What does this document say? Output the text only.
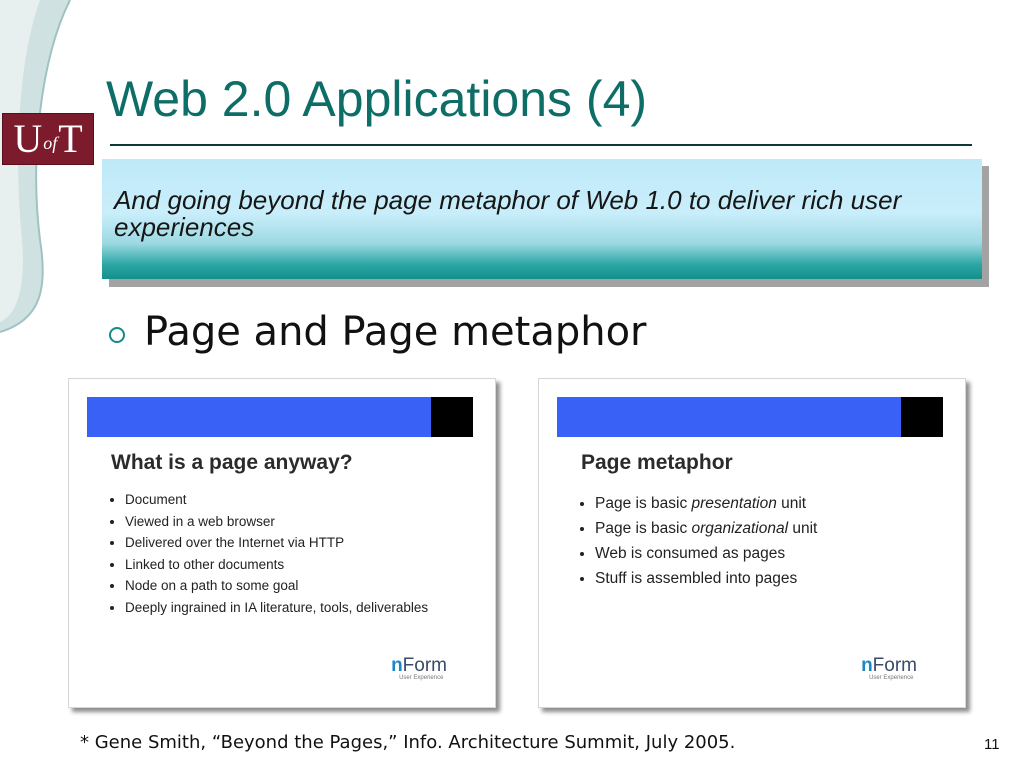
U of T
Web 2.0 Applications (4)
And going beyond the page metaphor of Web 1.0 to deliver rich user experiences
Page and Page metaphor
What is a page anyway?
• Document
• Viewed in a web browser
• Delivered over the Internet via HTTP
• Linked to other documents
• Node on a path to some goal
• Deeply ingrained in IA literature, tools, deliverables
nForm
User Experience
Page metaphor
• Page is basic presentation unit
• Page is basic organizational unit
• Web is consumed as pages
• Stuff is assembled into pages
nForm
User Experience
* Gene Smith, “Beyond the Pages,” Info. Architecture Summit, July 2005.	11
